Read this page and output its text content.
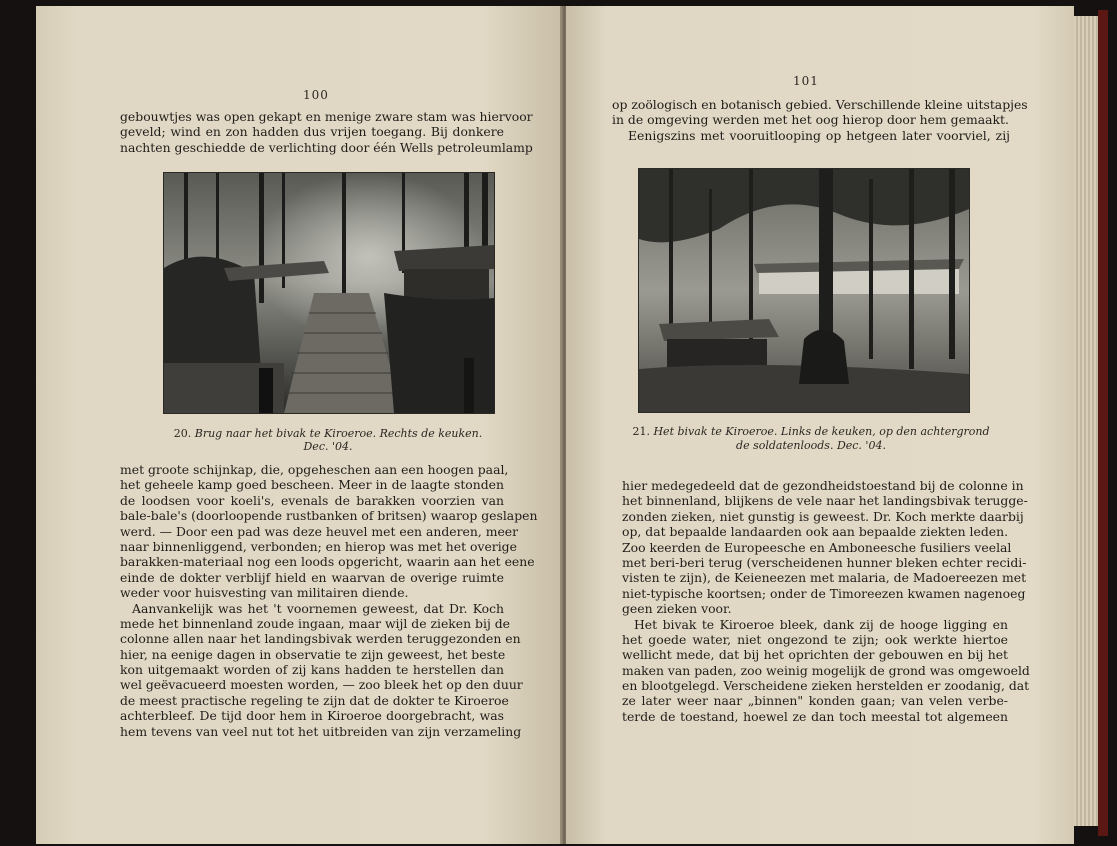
100
gebouwtjes was open gekapt en menige zware stam was hiervoor
geveld; wind en zon hadden dus vrijen toegang. Bij donkere
nachten geschiedde de verlichting door één Wells petroleumlamp
20. Brug naar het bivak te Kiroeroe. Rechts de keuken. Dec. '04.
met groote schijnkap, die, opgeheschen aan een hoogen paal,
het geheele kamp goed bescheen. Meer in de laagte stonden
de loodsen voor koeli's, evenals de barakken voorzien van
bale-bale's (doorloopende rustbanken of britsen) waarop geslapen
werd. — Door een pad was deze heuvel met een anderen, meer
naar binnenliggend, verbonden; en hierop was met het overige
barakken-materiaal nog een loods opgericht, waarin aan het eene
einde de dokter verblijf hield en waarvan de overige ruimte
weder voor huisvesting van militairen diende.
Aanvankelijk was het 't voornemen geweest, dat Dr. Koch
mede het binnenland zoude ingaan, maar wijl de zieken bij de
colonne allen naar het landingsbivak werden teruggezonden en
hier, na eenige dagen in observatie te zijn geweest, het beste
kon uitgemaakt worden of zij kans hadden te herstellen dan
wel geëvacueerd moesten worden, — zoo bleek het op den duur
de meest practische regeling te zijn dat de dokter te Kiroeroe
achterbleef. De tijd door hem in Kiroeroe doorgebracht, was
hem tevens van veel nut tot het uitbreiden van zijn verzameling
101
op zoölogisch en botanisch gebied. Verschillende kleine uitstapjes
in de omgeving werden met het oog hierop door hem gemaakt.
Eenigszins met vooruitlooping op hetgeen later voorviel, zij
21. Het bivak te Kiroeroe. Links de keuken, op den achtergrond
de soldatenloods. Dec. '04.
hier medegedeeld dat de gezondheidstoestand bij de colonne in
het binnenland, blijkens de vele naar het landingsbivak terugge-
zonden zieken, niet gunstig is geweest. Dr. Koch merkte daarbij
op, dat bepaalde landaarden ook aan bepaalde ziekten leden.
Zoo keerden de Europeesche en Amboneesche fusiliers veelal
met beri-beri terug (verscheidenen hunner bleken echter recidi-
visten te zijn), de Keieneezen met malaria, de Madoereezen met
niet-typische koortsen; onder de Timoreezen kwamen nagenoeg
geen zieken voor.
Het bivak te Kiroeroe bleek, dank zij de hooge ligging en
het goede water, niet ongezond te zijn; ook werkte hiertoe
wellicht mede, dat bij het oprichten der gebouwen en bij het
maken van paden, zoo weinig mogelijk de grond was omgewoeld
en blootgelegd. Verscheidene zieken herstelden er zoodanig, dat
ze later weer naar „binnen" konden gaan; van velen verbe-
terde de toestand, hoewel ze dan toch meestal tot algemeen
